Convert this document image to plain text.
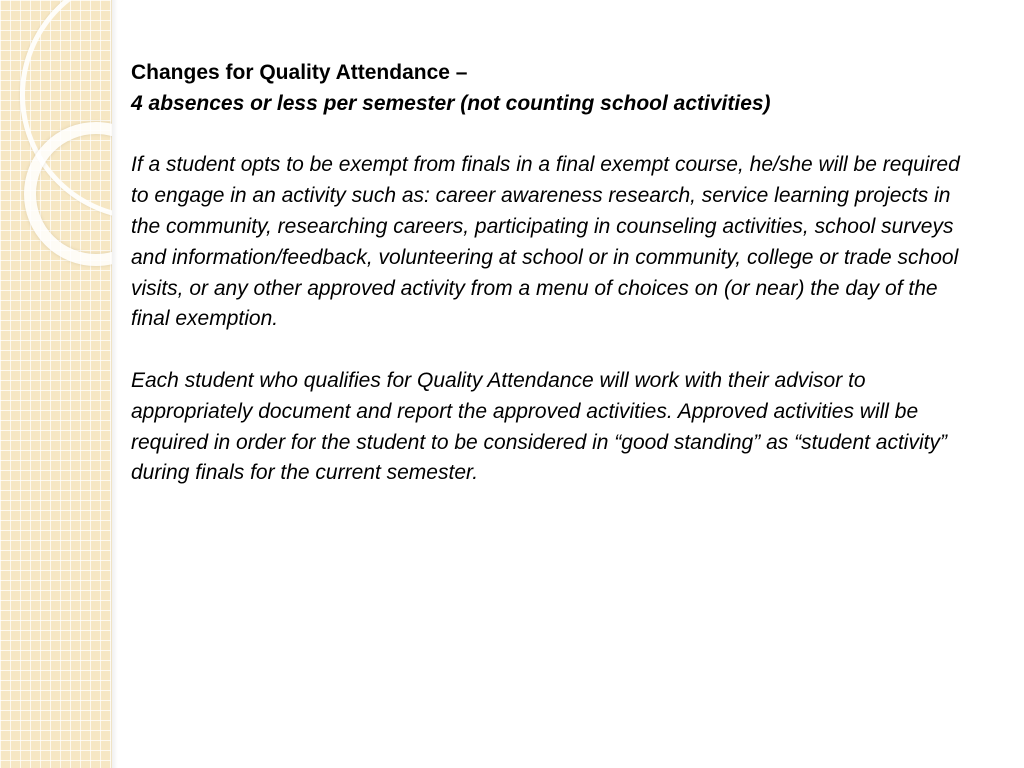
Changes for Quality Attendance –

4 absences or less per semester (not counting school activities)

If a student opts to be exempt from finals in a final exempt course, he/she will be required to engage in an activity such as: career awareness research, service learning projects in the community, researching careers, participating in counseling activities, school surveys and information/feedback, volunteering at school or in community, college or trade school visits, or any other approved activity from a menu of choices on (or near) the day of the final exemption.

Each student who qualifies for Quality Attendance will work with their advisor to appropriately document and report the approved activities. Approved activities will be required in order for the student to be considered in “good standing” as “student activity” during finals for the current semester.
